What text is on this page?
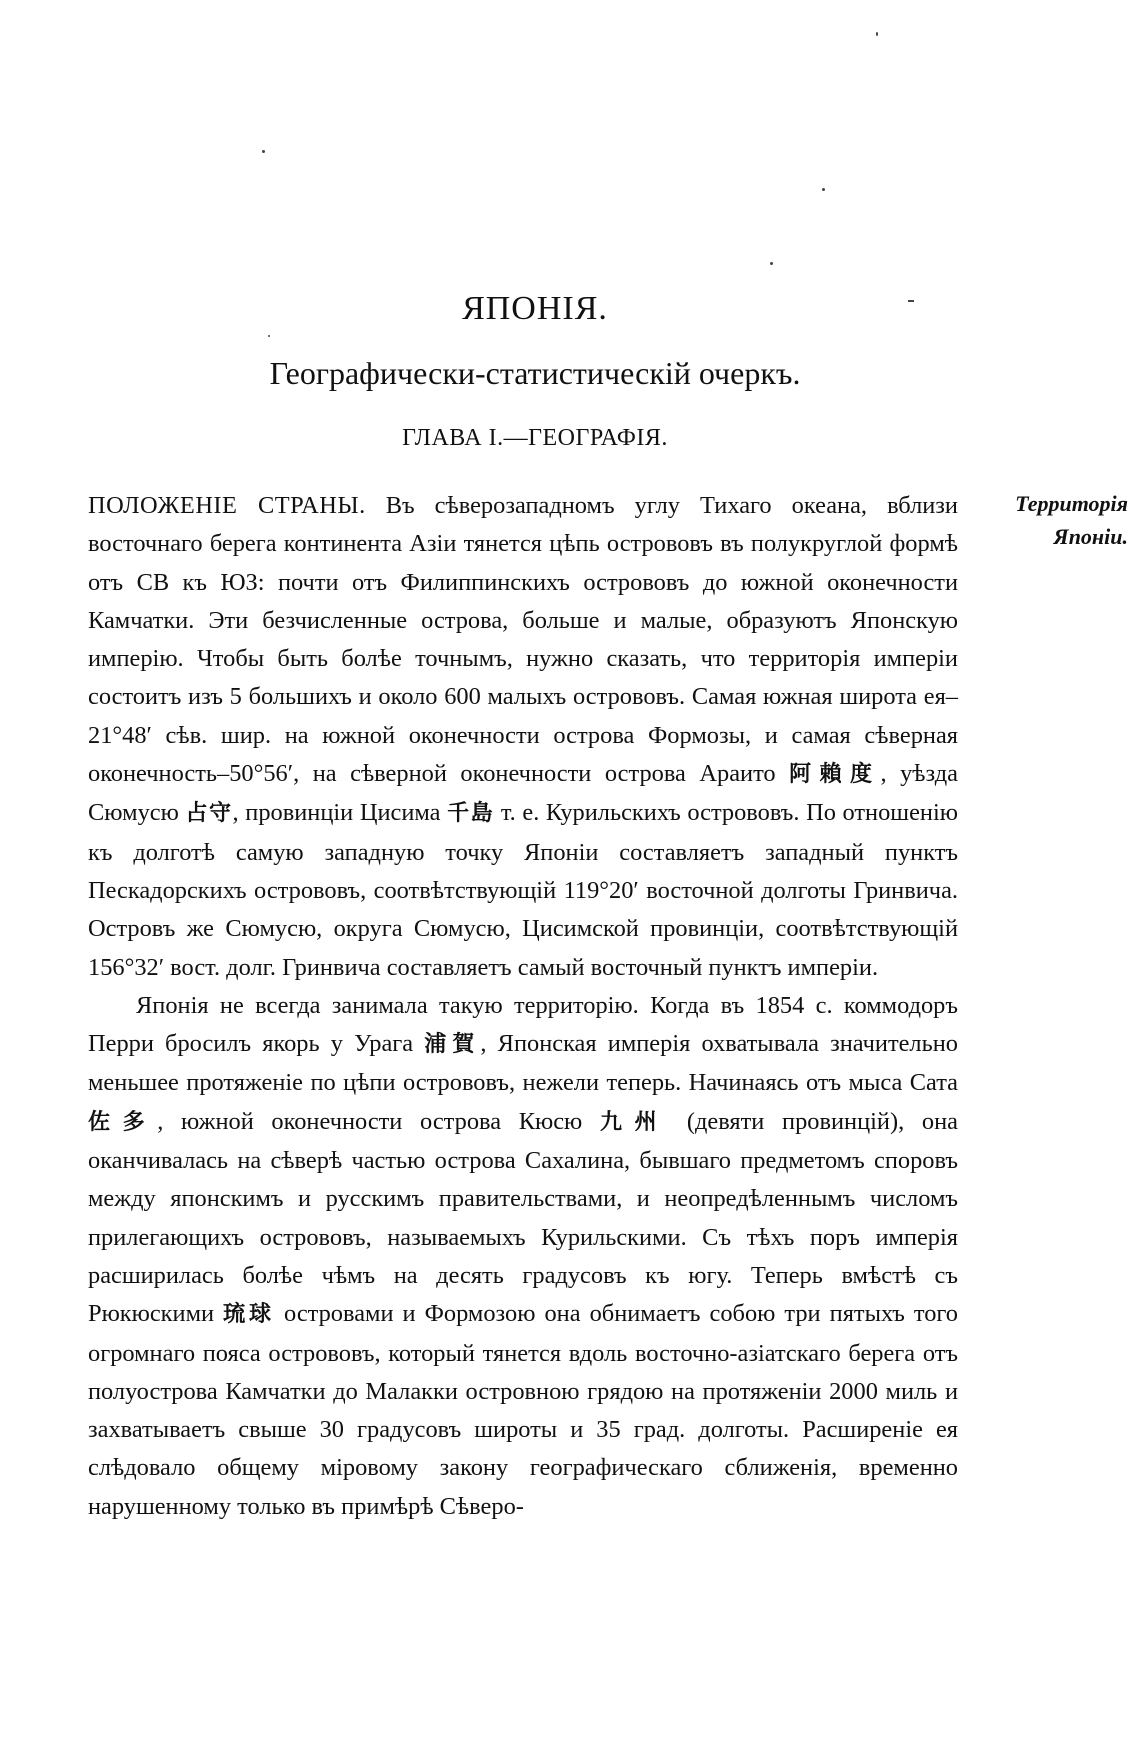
ЯПОНІЯ.
Географически-статистическій очеркъ.
ГЛАВА I.—ГЕОГРАФІЯ.
Территорія
Японіи.

ПОЛОЖЕНІЕ СТРАНЫ. Въ сѣверозападномъ углу Тихаго океана, вблизи восточнаго берега континента Азіи тянется цѣпь острововъ въ полукруглой формѣ отъ СВ къ ЮЗ: почти отъ Филиппинскихъ острововъ до южной оконечности Камчатки. Эти безчисленные острова, больше и малые, образуютъ Японскую имперію. Чтобы быть болѣе точнымъ, нужно сказать, что территорія имперіи состоитъ изъ 5 большихъ и около 600 малыхъ острововъ. Самая южная широта ея–21°48′ сѣв. шир. на южной оконечности острова Формозы, и самая сѣверная оконечность–50°56′, на сѣверной оконечности острова Араито 阿賴度, уѣзда Сюмусю 占守, провинціи Цисима 千島 т. е. Курильскихъ острововъ. По отношенію къ долготѣ самую западную точку Японіи составляетъ западный пунктъ Пескадорскихъ острововъ, соотвѣтствующій 119°20′ восточной долготы Гринвича. Островъ же Сюмусю, округа Сюмусю, Цисимской провинціи, соотвѣтствующій 156°32′ вост. долг. Гринвича составляетъ самый восточный пунктъ имперіи.

Японія не всегда занимала такую территорію. Когда въ 1854 с. коммодоръ Перри бросилъ якорь у Урага 浦賀, Японская имперія охватывала значительно меньшее протяженіе по цѣпи острововъ, нежели теперь. Начинаясь отъ мыса Сата 佐多, южной оконечности острова Кюсю 九州 (девяти провинцій), она оканчивалась на сѣверѣ частью острова Сахалина, бывшаго предметомъ споровъ между японскимъ и русскимъ правительствами, и неопредѣленнымъ числомъ прилегающихъ острововъ, называемыхъ Курильскими. Съ тѣхъ поръ имперія расширилась болѣе чѣмъ на десять градусовъ къ югу. Теперь вмѣстѣ съ Рюкюскими 琉球 островами и Формозою она обнимаетъ собою три пятыхъ того огромнаго пояса острововъ, который тянется вдоль восточно-азіатскаго берега отъ полуострова Камчатки до Малакки островною грядою на протяженіи 2000 миль и захватываетъ свыше 30 градусовъ широты и 35 град. долготы. Расширеніе ея слѣдовало общему міровому закону географическаго сближенія, временно нарушенному только въ примѣрѣ Сѣверо-
